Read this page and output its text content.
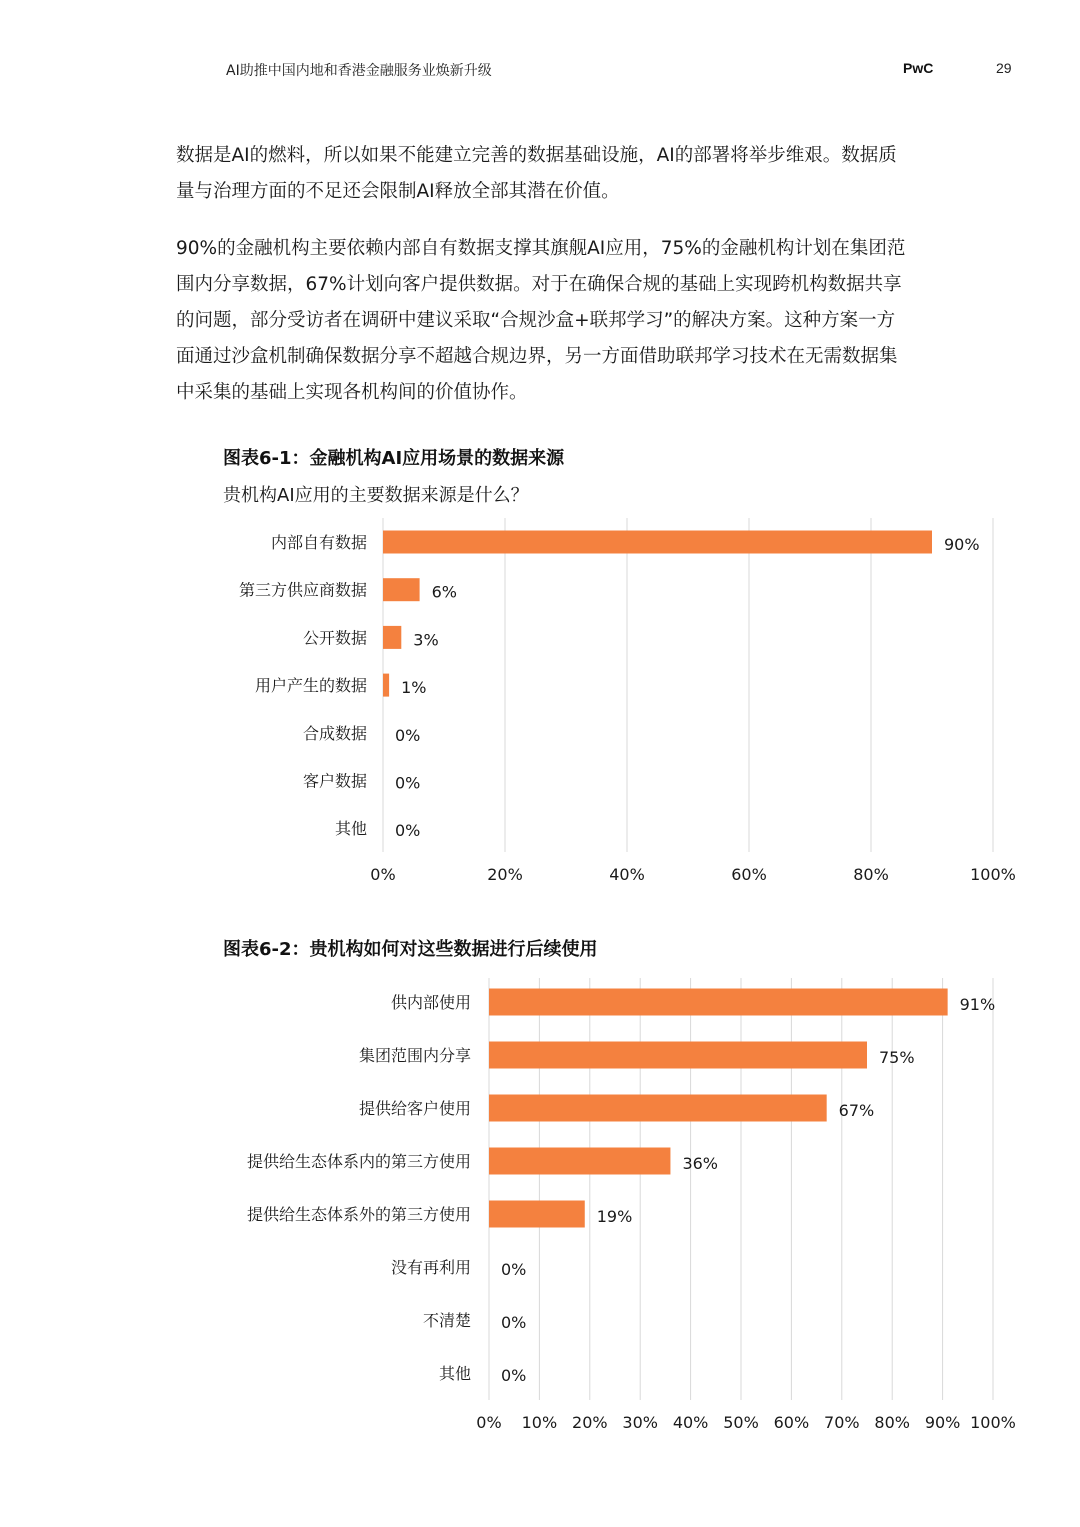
AI助推中国内地和香港金融服务业焕新升级	PwC	29
数据是AI的燃料，所以如果不能建立完善的数据基础设施，AI的部署将举步维艰。数据质
量与治理方面的不足还会限制AI释放全部其潜在价值。
90%的金融机构主要依赖内部自有数据支撑其旗舰AI应用，75%的金融机构计划在集团范
围内分享数据，67%计划向客户提供数据。对于在确保合规的基础上实现跨机构数据共享
的问题，部分受访者在调研中建议采取“合规沙盒+联邦学习”的解决方案。这种方案一方
面通过沙盒机制确保数据分享不超越合规边界，另一方面借助联邦学习技术在无需数据集
中采集的基础上实现各机构间的价值协作。
图表6-1：金融机构AI应用场景的数据来源
贵机构AI应用的主要数据来源是什么？
图表6-2：贵机构如何对这些数据进行后续使用
0%	20%	40%	60%	80%	100%
内部自有数据	90%
第三方供应商数据	6%
公开数据	3%
用户产生的数据 1%
合成数据 0%
客户数据 0%
其他 0%
0% 10% 20% 30% 40% 50% 60% 70% 80% 90% 100%
供内部使用	91%
集团范围内分享	75%
提供给客户使用	67%
提供给生态体系内的第三方使用	36%
提供给生态体系外的第三方使用	19%
没有再利用 0%
不清楚 0%
其他 0%
